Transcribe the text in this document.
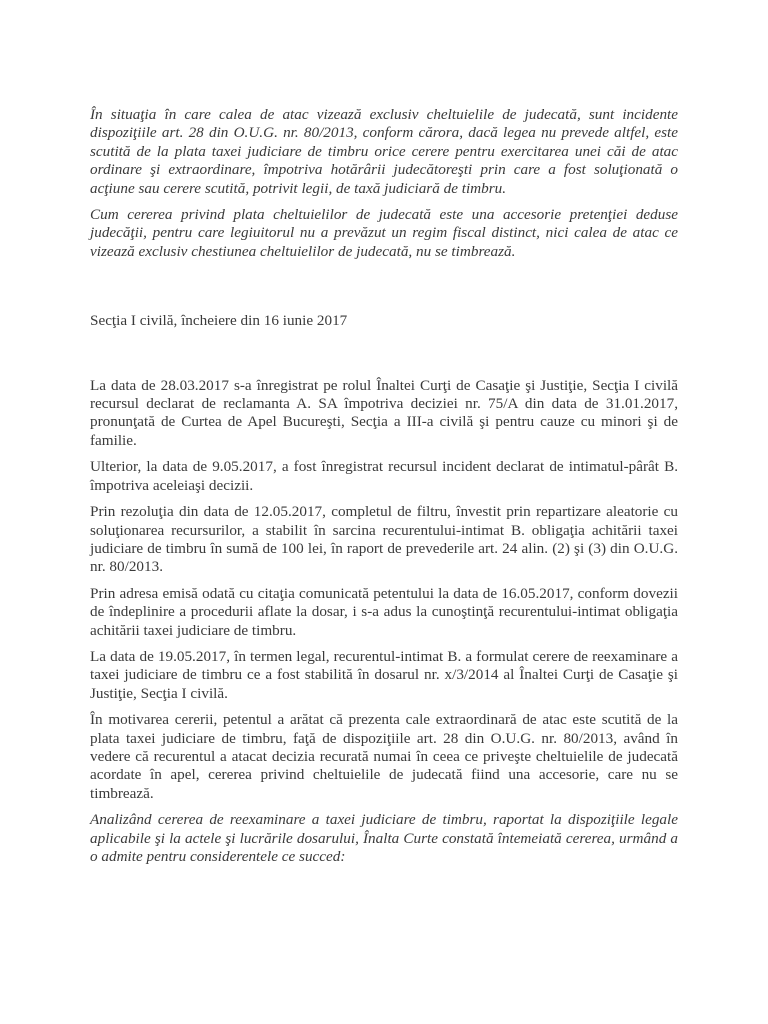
În situaţia în care calea de atac vizează exclusiv cheltuielile de judecată, sunt incidente dispoziţiile art. 28 din O.U.G. nr. 80/2013, conform cărora, dacă legea nu prevede altfel, este scutită de la plata taxei judiciare de timbru orice cerere pentru exercitarea unei căi de atac ordinare şi extraordinare, împotriva hotărârii judecătoreşti prin care a fost soluţionată o acţiune sau cerere scutită, potrivit legii, de taxă judiciară de timbru.

Cum cererea privind plata cheltuielilor de judecată este una accesorie pretenţiei deduse judecăţii, pentru care legiuitorul nu a prevăzut un regim fiscal distinct, nici calea de atac ce vizează exclusiv chestiunea cheltuielilor de judecată, nu se timbrează.

Secţia I civilă, încheiere din 16 iunie 2017

La data de 28.03.2017 s-a înregistrat pe rolul Înaltei Curţi de Casaţie şi Justiţie, Secţia I civilă recursul declarat de reclamanta A. SA împotriva deciziei nr. 75/A din data de 31.01.2017, pronunţată de Curtea de Apel Bucureşti, Secţia a III-a civilă şi pentru cauze cu minori şi de familie.

Ulterior, la data de 9.05.2017, a fost înregistrat recursul incident declarat de intimatul-pârât B. împotriva aceleiaşi decizii.

Prin rezoluţia din data de 12.05.2017, completul de filtru, învestit prin repartizare aleatorie cu soluţionarea recursurilor, a stabilit în sarcina recurentului-intimat B. obligaţia achitării taxei judiciare de timbru în sumă de 100 lei, în raport de prevederile art. 24 alin. (2) şi (3) din O.U.G. nr. 80/2013.

Prin adresa emisă odată cu citaţia comunicată petentului la data de 16.05.2017, conform dovezii de îndeplinire a procedurii aflate la dosar, i s-a adus la cunoştinţă recurentului-intimat obligaţia achitării taxei judiciare de timbru.

La data de 19.05.2017, în termen legal, recurentul-intimat B. a formulat cerere de reexaminare a taxei judiciare de timbru ce a fost stabilită în dosarul nr. x/3/2014 al Înaltei Curţi de Casaţie şi Justiţie, Secţia I civilă.

În motivarea cererii, petentul a arătat că prezenta cale extraordinară de atac este scutită de la plata taxei judiciare de timbru, faţă de dispoziţiile art. 28 din O.U.G. nr. 80/2013, având în vedere că recurentul a atacat decizia recurată numai în ceea ce priveşte cheltuielile de judecată acordate în apel, cererea privind cheltuielile de judecată fiind una accesorie, care nu se timbrează.

Analizând cererea de reexaminare a taxei judiciare de timbru, raportat la dispoziţiile legale aplicabile şi la actele şi lucrările dosarului, Înalta Curte constată întemeiată cererea, urmând a o admite pentru considerentele ce succed:
